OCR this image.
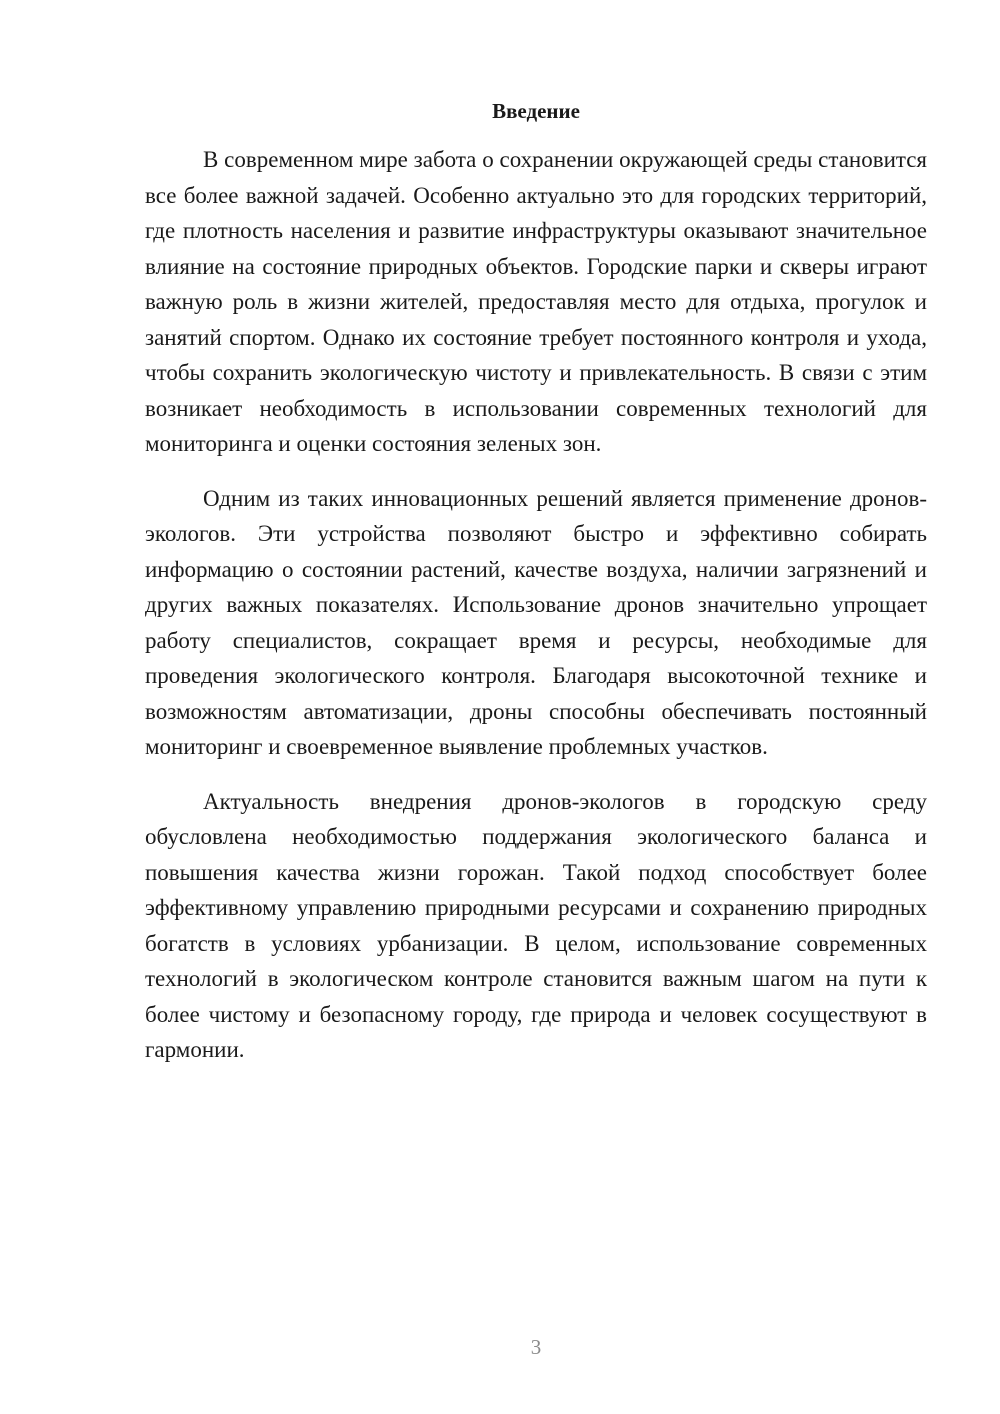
Введение

В современном мире забота о сохранении окружающей среды становится все более важной задачей. Особенно актуально это для городских территорий, где плотность населения и развитие инфраструктуры оказывают значительное влияние на состояние природных объектов. Городские парки и скверы играют важную роль в жизни жителей, предоставляя место для отдыха, прогулок и занятий спортом. Однако их состояние требует постоянного контроля и ухода, чтобы сохранить экологическую чистоту и привлекательность. В связи с этим возникает необходимость в использовании современных технологий для мониторинга и оценки состояния зеленых зон.

Одним из таких инновационных решений является применение дронов-экологов. Эти устройства позволяют быстро и эффективно собирать информацию о состоянии растений, качестве воздуха, наличии загрязнений и других важных показателях. Использование дронов значительно упрощает работу специалистов, сокращает время и ресурсы, необходимые для проведения экологического контроля. Благодаря высокоточной технике и возможностям автоматизации, дроны способны обеспечивать постоянный мониторинг и своевременное выявление проблемных участков.

Актуальность внедрения дронов-экологов в городскую среду обусловлена необходимостью поддержания экологического баланса и повышения качества жизни горожан. Такой подход способствует более эффективному управлению природными ресурсами и сохранению природных богатств в условиях урбанизации. В целом, использование современных технологий в экологическом контроле становится важным шагом на пути к более чистому и безопасному городу, где природа и человек сосуществуют в гармонии.

3
